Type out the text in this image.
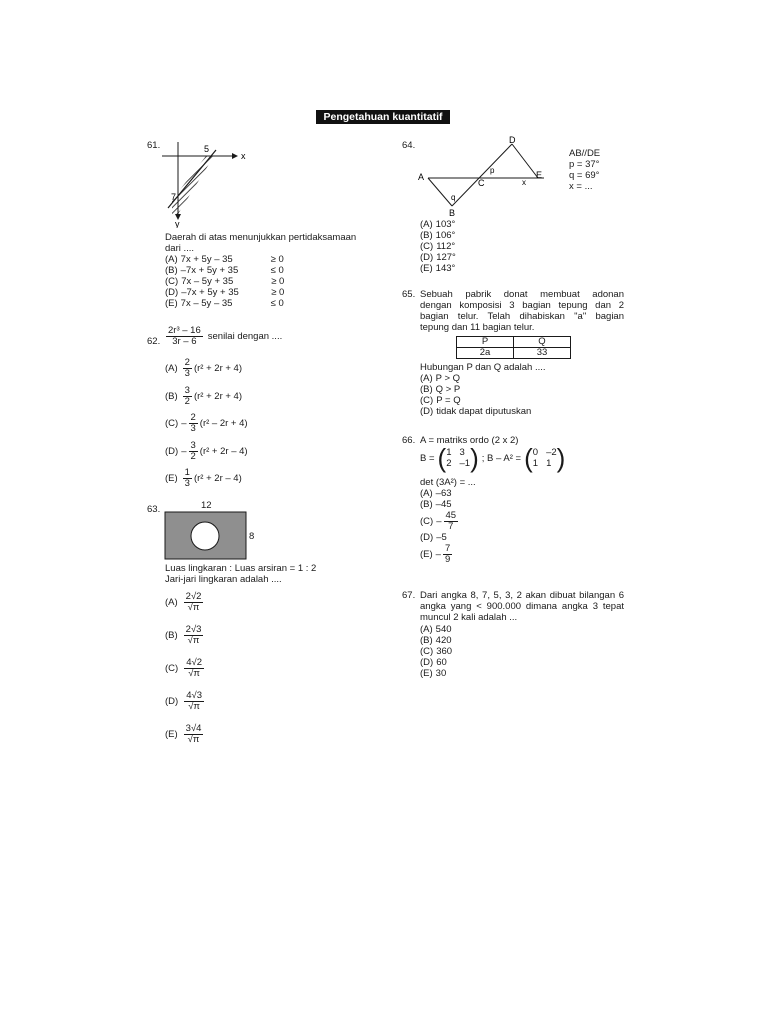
Pengetahuan kuantitatif
61.	5
x
7
y
Daerah di atas menunjukkan pertidaksamaan
dari ....
(A) 7x + 5y – 35	≥ 0
(B) –7x + 5y + 35	≤ 0
(C) 7x – 5y + 35	≥ 0
(D) –7x + 5y + 35	≥ 0
(E) 7x – 5y – 35	≤ 0
62. $\frac{\text{2r³ – 16}}{3r - 6}$ senilai dengan ....
$(A) \frac{2}{3} (r^2 + 2r + 4)$
$(B) \frac{3}{2} (r^2 + 2r + 4)$
$(C) - \frac{2}{3} (r^2 - 2r + 4)$
$(D) - \frac{3}{2} (r^2 + 2r - 4)$
$(E) \frac{1}{3} (r^2 + 2r - 4)$
63.	12
8
Luas lingkaran : Luas arsiran = 1 : 2
Jari-jari lingkaran adalah ....
$(A) \frac{2√2}{√\pi}$
$(B) \frac{2√3}{√\pi}$
$(C) \frac{4√2}{√\pi}$
$(D) \frac{4√3}{√\pi}$
$(E) \frac{3√4}{√\pi}$
64.
A
B
C
D
E
p
q
x
AB//DE
p = 37°
q = 69°
x = ...
(A) 103°
(B) 106°
(C) 112°
(D) 127°
(E) 143°
65. Sebuah pabrik donat membuat adonan
dengan komposisi 3 bagian tepung dan 2
bagian telur. Telah dihabiskan "a" bagian
tepung dan 11 bagian telur.
P	Q
2a	33
Hubungan P dan Q adalah ....
(A) P > Q
(B) Q > P
(C) P = Q
(D) tidak dapat diputuskan
66. A = matriks ordo (2 x 2)
B = ( 1 3
2 –1 ) ; B – A² = ( 0 –2
1 1 )
det (3A²) = ...
(A) –63
(B) –45
$(C) - \frac{45}{7}$
(D) –5
$(E) - \frac{7}{9}$
67. Dari angka 8, 7, 5, 3, 2 akan dibuat bilangan 6
angka yang < 900.000 dimana angka 3 tepat
muncul 2 kali adalah ...
(A) 540
(B) 420
(C) 360
(D) 60
(E) 30
